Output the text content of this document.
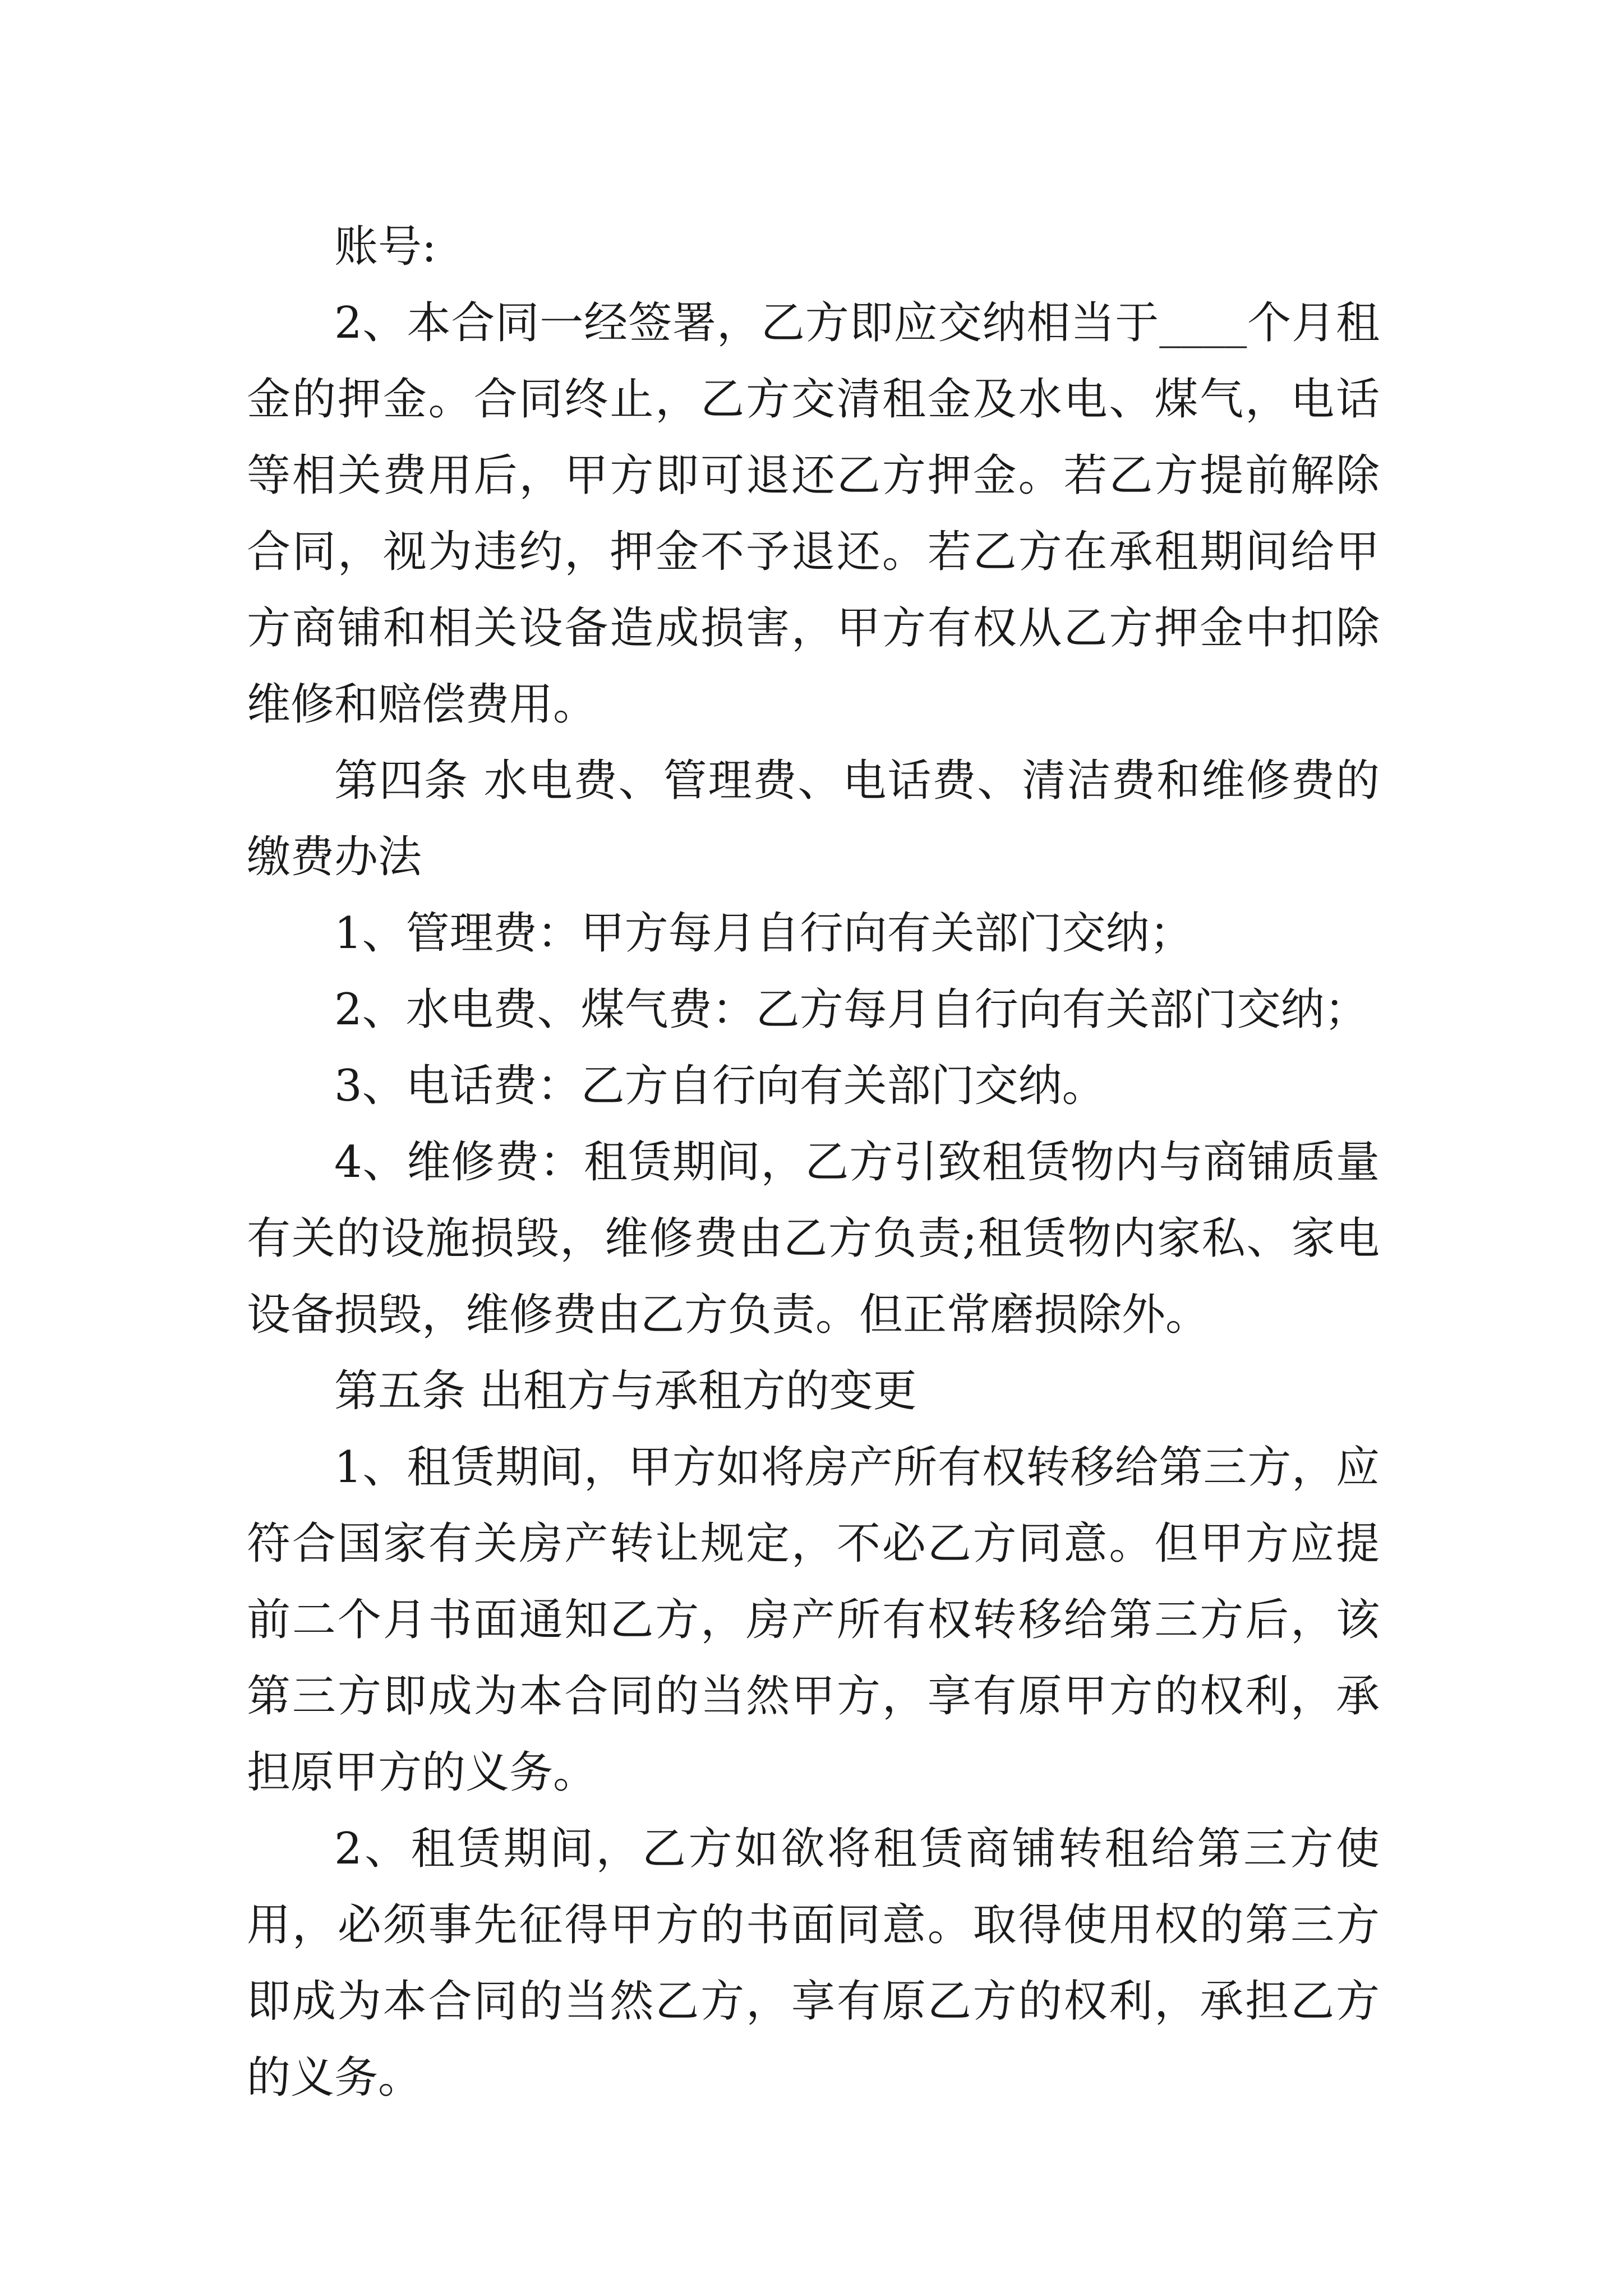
账号:

2、本合同一经签署，乙方即应交纳相当于____个月租金的押金。合同终止，乙方交清租金及水电、煤气，电话等相关费用后，甲方即可退还乙方押金。若乙方提前解除合同，视为违约，押金不予退还。若乙方在承租期间给甲方商铺和相关设备造成损害，甲方有权从乙方押金中扣除维修和赔偿费用。

第四条 水电费、管理费、电话费、清洁费和维修费的缴费办法

1、管理费：甲方每月自行向有关部门交纳；

2、水电费、煤气费：乙方每月自行向有关部门交纳；

3、电话费：乙方自行向有关部门交纳。

4、维修费：租赁期间，乙方引致租赁物内与商铺质量有关的设施损毁，维修费由乙方负责;租赁物内家私、家电设备损毁，维修费由乙方负责。但正常磨损除外。

第五条 出租方与承租方的变更

1、租赁期间，甲方如将房产所有权转移给第三方，应符合国家有关房产转让规定，不必乙方同意。但甲方应提前二个月书面通知乙方，房产所有权转移给第三方后，该第三方即成为本合同的当然甲方，享有原甲方的权利，承担原甲方的义务。

2、租赁期间，乙方如欲将租赁商铺转租给第三方使用，必须事先征得甲方的书面同意。取得使用权的第三方即成为本合同的当然乙方，享有原乙方的权利，承担乙方的义务。
